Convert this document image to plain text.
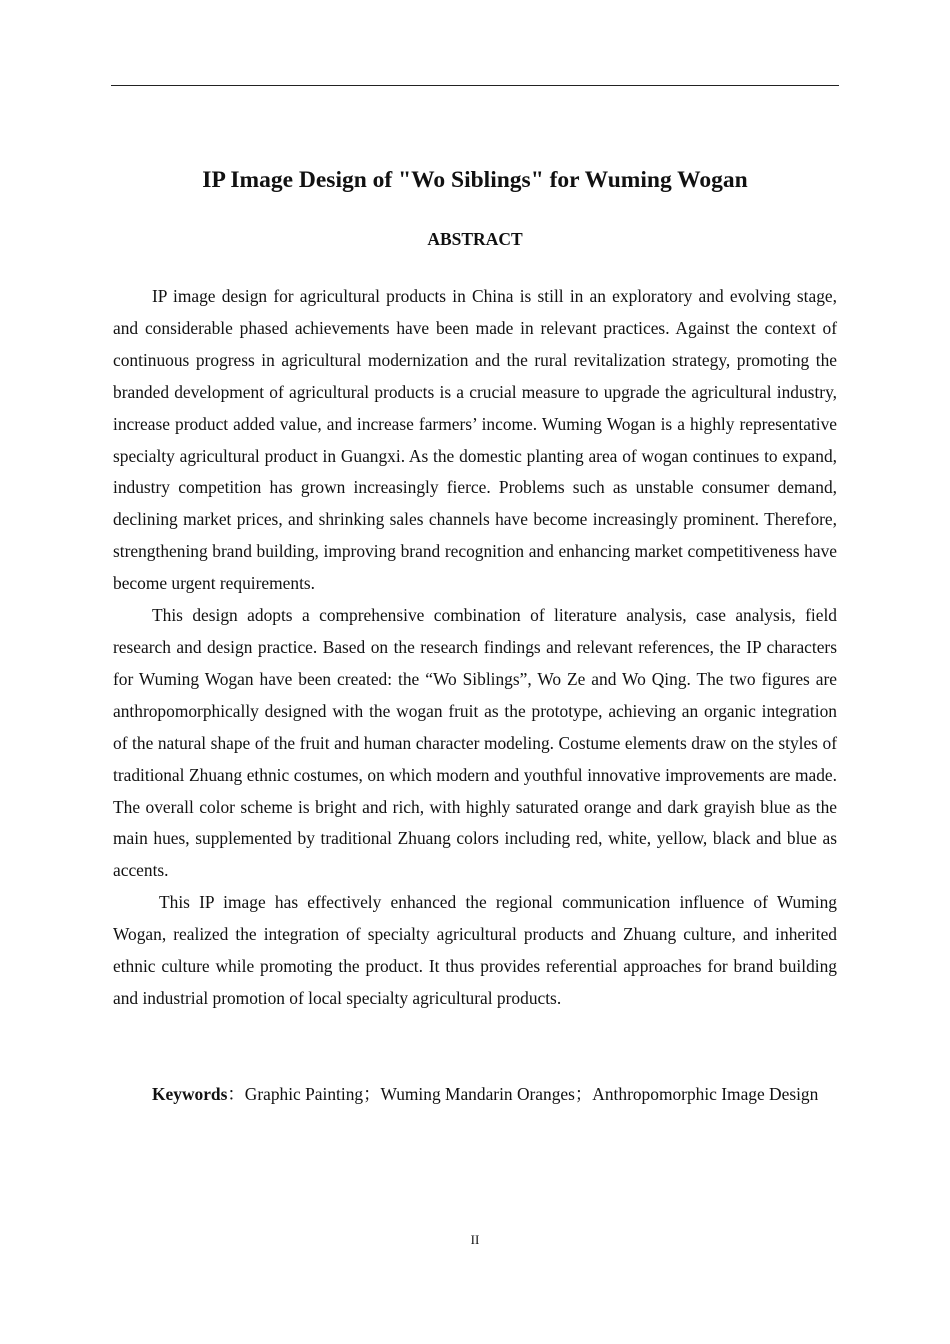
IP Image Design of "Wo Siblings" for Wuming Wogan
ABSTRACT

IP image design for agricultural products in China is still in an exploratory and evolving stage, and considerable phased achievements have been made in relevant practices. Against the context of continuous progress in agricultural modernization and the rural revitalization strategy, promoting the branded development of agricultural products is a crucial measure to upgrade the agricultural industry, increase product added value, and increase farmers’ income. Wuming Wogan is a highly representative specialty agricultural product in Guangxi. As the domestic planting area of wogan continues to expand, industry competition has grown increasingly fierce. Problems such as unstable consumer demand, declining market prices, and shrinking sales channels have become increasingly prominent. Therefore, strengthening brand building, improving brand recognition and enhancing market competitiveness have become urgent requirements.

This design adopts a comprehensive combination of literature analysis, case analysis, field research and design practice. Based on the research findings and relevant references, the IP characters for Wuming Wogan have been created: the “Wo Siblings”, Wo Ze and Wo Qing. The two figures are anthropomorphically designed with the wogan fruit as the prototype, achieving an organic integration of the natural shape of the fruit and human character modeling. Costume elements draw on the styles of traditional Zhuang ethnic costumes, on which modern and youthful innovative improvements are made. The overall color scheme is bright and rich, with highly saturated orange and dark grayish blue as the main hues, supplemented by traditional Zhuang colors including red, white, yellow, black and blue as accents.

This IP image has effectively enhanced the regional communication influence of Wuming Wogan, realized the integration of specialty agricultural products and Zhuang culture, and inherited ethnic culture while promoting the product. It thus provides referential approaches for brand building and industrial promotion of local specialty agricultural products.

Keywords：Graphic Painting；Wuming Mandarin Oranges；Anthropomorphic Image Design

II
